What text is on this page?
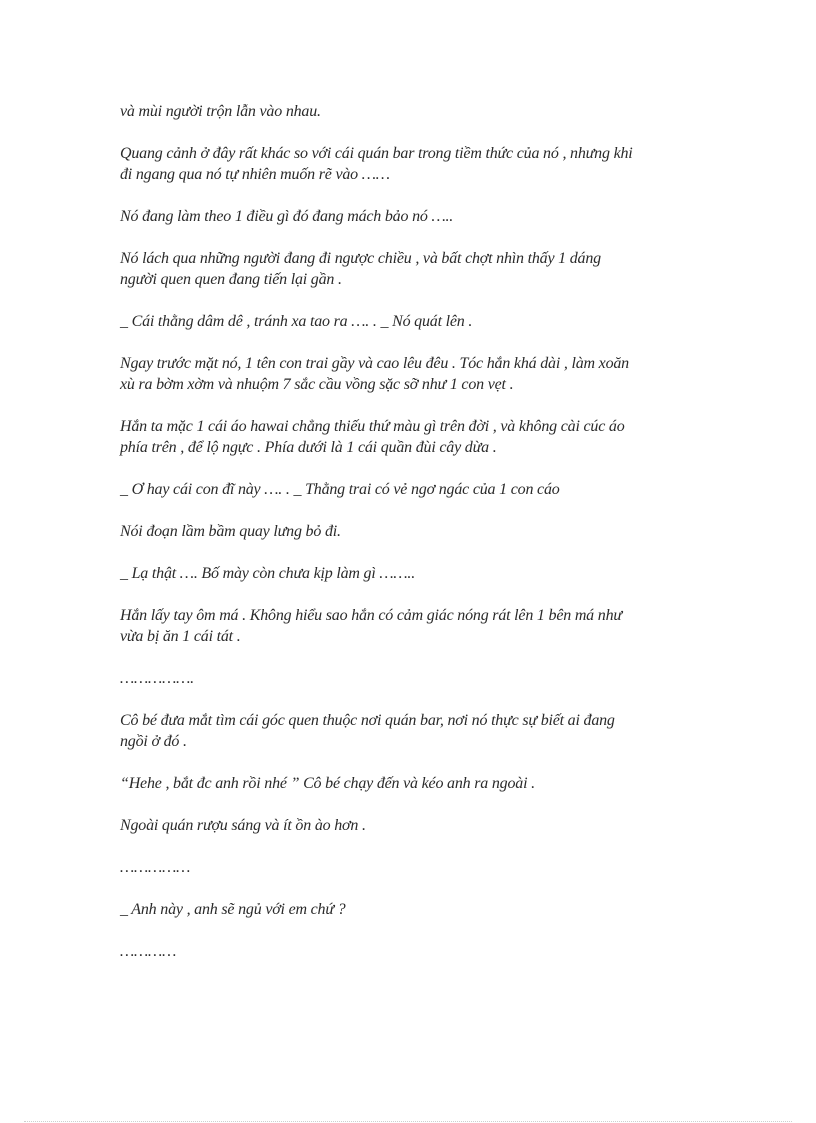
và mùi người trộn lẫn vào nhau.

Quang cảnh ở đây rất khác so với cái quán bar trong tiềm thức của nó , nhưng khi
đi ngang qua nó tự nhiên muốn rẽ vào ……

Nó đang làm theo 1 điều gì đó đang mách bảo nó …..

Nó lách qua những người đang đi ngược chiều , và bất chợt nhìn thấy 1 dáng
người quen quen đang tiến lại gần .

_ Cái thằng dâm dê , tránh xa tao ra …. . _ Nó quát lên .

Ngay trước mặt nó, 1 tên con trai gầy và cao lêu đêu . Tóc hắn khá dài , làm xoăn
xù ra bờm xờm và nhuộm 7 sắc cầu vồng sặc sỡ như 1 con vẹt .

Hắn ta mặc 1 cái áo hawai chẳng thiếu thứ màu gì trên đời , và không cài cúc áo
phía trên , để lộ ngực . Phía dưới là 1 cái quần đùi cây dừa .

_ Ơ hay cái con đĩ này …. . _ Thằng trai có vẻ ngơ ngác của 1 con cáo

Nói đoạn lầm bầm quay lưng bỏ đi.

_ Lạ thật …. Bố mày còn chưa kịp làm gì ……..

Hắn lấy tay ôm má . Không hiểu sao hắn có cảm giác nóng rát lên 1 bên má như
vừa bị ăn 1 cái tát .

…………….

Cô bé đưa mắt tìm cái góc quen thuộc nơi quán bar, nơi nó thực sự biết ai đang
ngồi ở đó .

“Hehe , bắt đc anh rồi nhé ” Cô bé chạy đến và kéo anh ra ngoài .

Ngoài quán rượu sáng và ít ồn ào hơn .

……………

_ Anh này , anh sẽ ngủ với em chứ ?

…………
